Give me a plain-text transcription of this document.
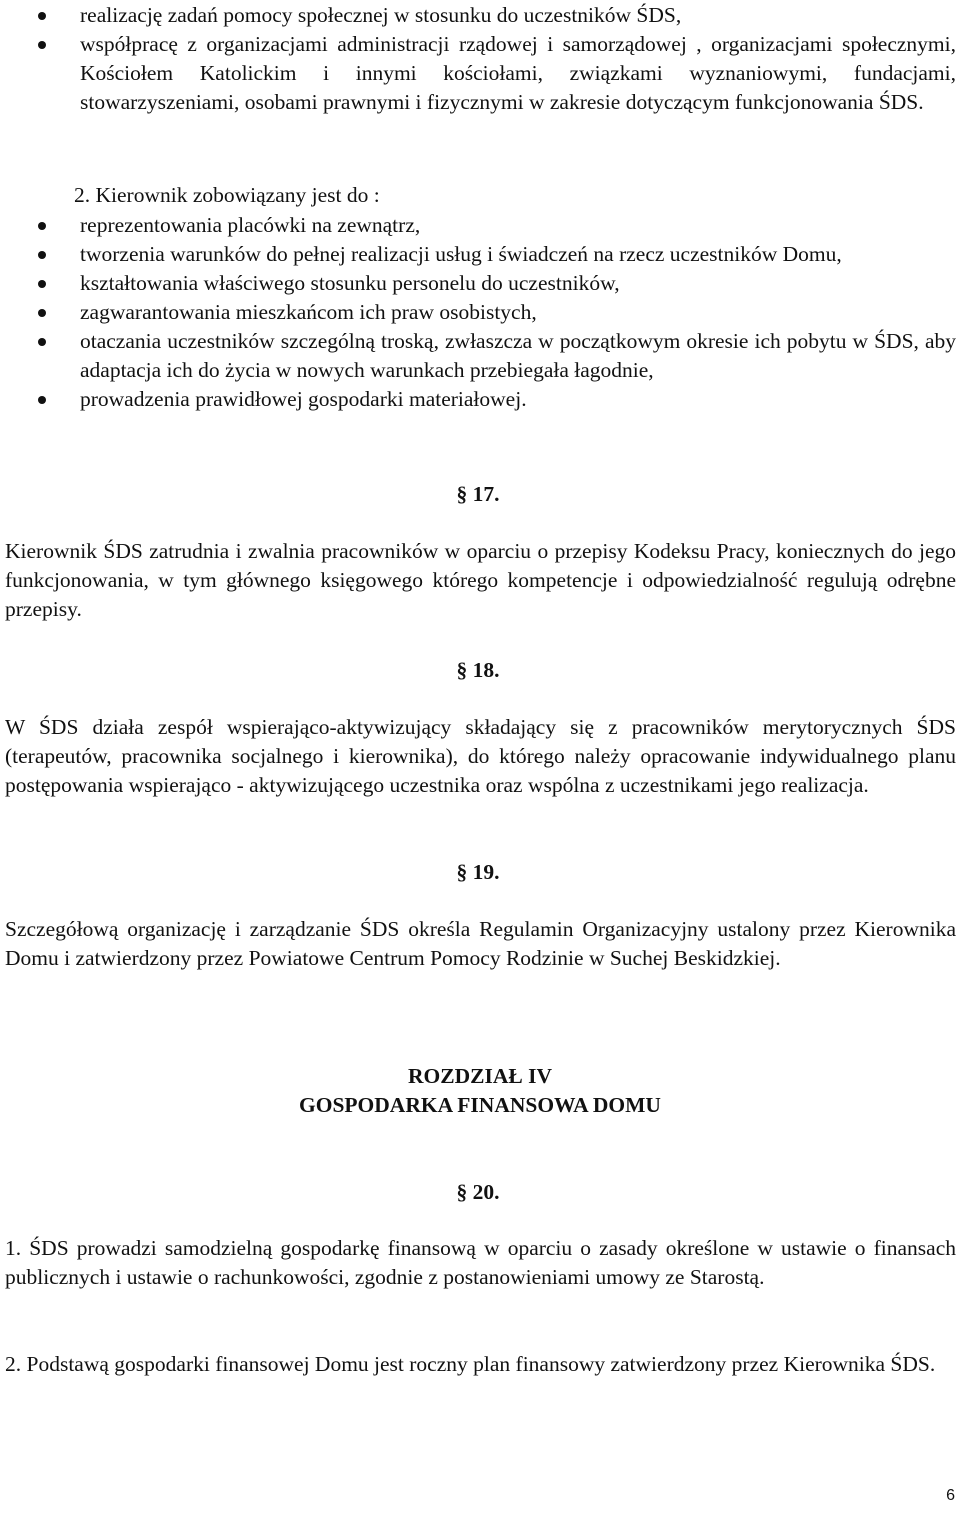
realizację zadań pomocy społecznej w stosunku do uczestników ŚDS,
współpracę z organizacjami administracji rządowej i samorządowej , organizacjami społecznymi, Kościołem Katolickim i innymi kościołami, związkami wyznaniowymi, fundacjami, stowarzyszeniami, osobami prawnymi i fizycznymi w zakresie dotyczącym funkcjonowania ŚDS.
2. Kierownik zobowiązany jest do :
reprezentowania placówki na zewnątrz,
tworzenia warunków do pełnej realizacji usług i świadczeń na rzecz uczestników Domu,
kształtowania właściwego stosunku personelu do uczestników,
zagwarantowania mieszkańcom ich praw osobistych,
otaczania uczestników szczególną troską, zwłaszcza w początkowym okresie ich pobytu w ŚDS, aby adaptacja ich do życia w nowych warunkach przebiegała łagodnie,
prowadzenia prawidłowej gospodarki materiałowej.
§ 17.
Kierownik ŚDS zatrudnia i zwalnia pracowników w oparciu o przepisy Kodeksu Pracy, koniecznych do jego funkcjonowania, w tym głównego księgowego którego kompetencje i odpowiedzialność regulują odrębne przepisy.
§ 18.
W ŚDS działa zespół wspierająco-aktywizujący składający się z pracowników merytorycznych ŚDS (terapeutów, pracownika socjalnego i kierownika), do którego należy opracowanie indywidualnego planu postępowania wspierająco - aktywizującego uczestnika oraz wspólna z uczestnikami jego realizacja.
§ 19.
Szczegółową organizację i zarządzanie ŚDS określa Regulamin Organizacyjny ustalony przez Kierownika Domu i zatwierdzony przez Powiatowe Centrum Pomocy Rodzinie w Suchej Beskidzkiej.
ROZDZIAŁ IV
GOSPODARKA FINANSOWA DOMU
§ 20.
1. ŚDS prowadzi samodzielną gospodarkę finansową w oparciu o zasady określone w ustawie o finansach publicznych i ustawie o rachunkowości, zgodnie z postanowieniami umowy ze Starostą.
2. Podstawą gospodarki finansowej Domu jest roczny plan finansowy zatwierdzony przez Kierownika ŚDS.
6
